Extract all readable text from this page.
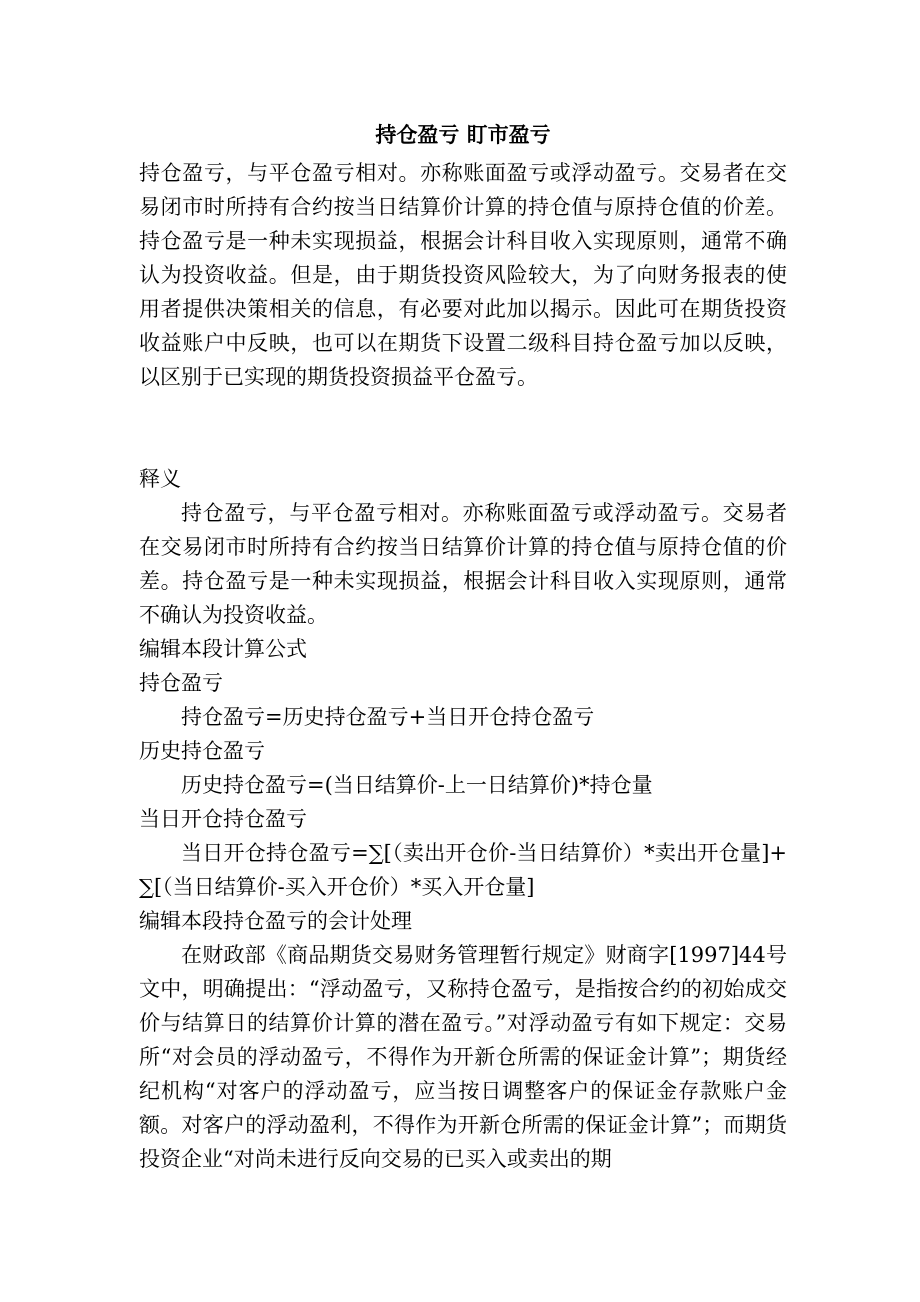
持仓盈亏 盯市盈亏

持仓盈亏，与平仓盈亏相对。亦称账面盈亏或浮动盈亏。交易者在交易闭市时所持有合约按当日结算价计算的持仓值与原持仓值的价差。持仓盈亏是一种未实现损益，根据会计科目收入实现原则，通常不确认为投资收益。但是，由于期货投资风险较大，为了向财务报表的使用者提供决策相关的信息，有必要对此加以揭示。因此可在期货投资收益账户中反映，也可以在期货下设置二级科目持仓盈亏加以反映，以区别于已实现的期货投资损益平仓盈亏。

释义

持仓盈亏，与平仓盈亏相对。亦称账面盈亏或浮动盈亏。交易者在交易闭市时所持有合约按当日结算价计算的持仓值与原持仓值的价差。持仓盈亏是一种未实现损益，根据会计科目收入实现原则，通常不确认为投资收益。

编辑本段计算公式

持仓盈亏

持仓盈亏=历史持仓盈亏+当日开仓持仓盈亏

历史持仓盈亏

历史持仓盈亏=(当日结算价-上一日结算价)*持仓量

当日开仓持仓盈亏

当日开仓持仓盈亏=∑[（卖出开仓价-当日结算价）*卖出开仓量]+∑[（当日结算价-买入开仓价）*买入开仓量]

编辑本段持仓盈亏的会计处理

在财政部《商品期货交易财务管理暂行规定》财商字[1997]44号文中，明确提出：“浮动盈亏，又称持仓盈亏，是指按合约的初始成交价与结算日的结算价计算的潜在盈亏。”对浮动盈亏有如下规定：交易所“对会员的浮动盈亏，不得作为开新仓所需的保证金计算”；期货经纪机构“对客户的浮动盈亏，应当按日调整客户的保证金存款账户金额。对客户的浮动盈利，不得作为开新仓所需的保证金计算”；而期货投资企业“对尚未进行反向交易的已买入或卖出的期
